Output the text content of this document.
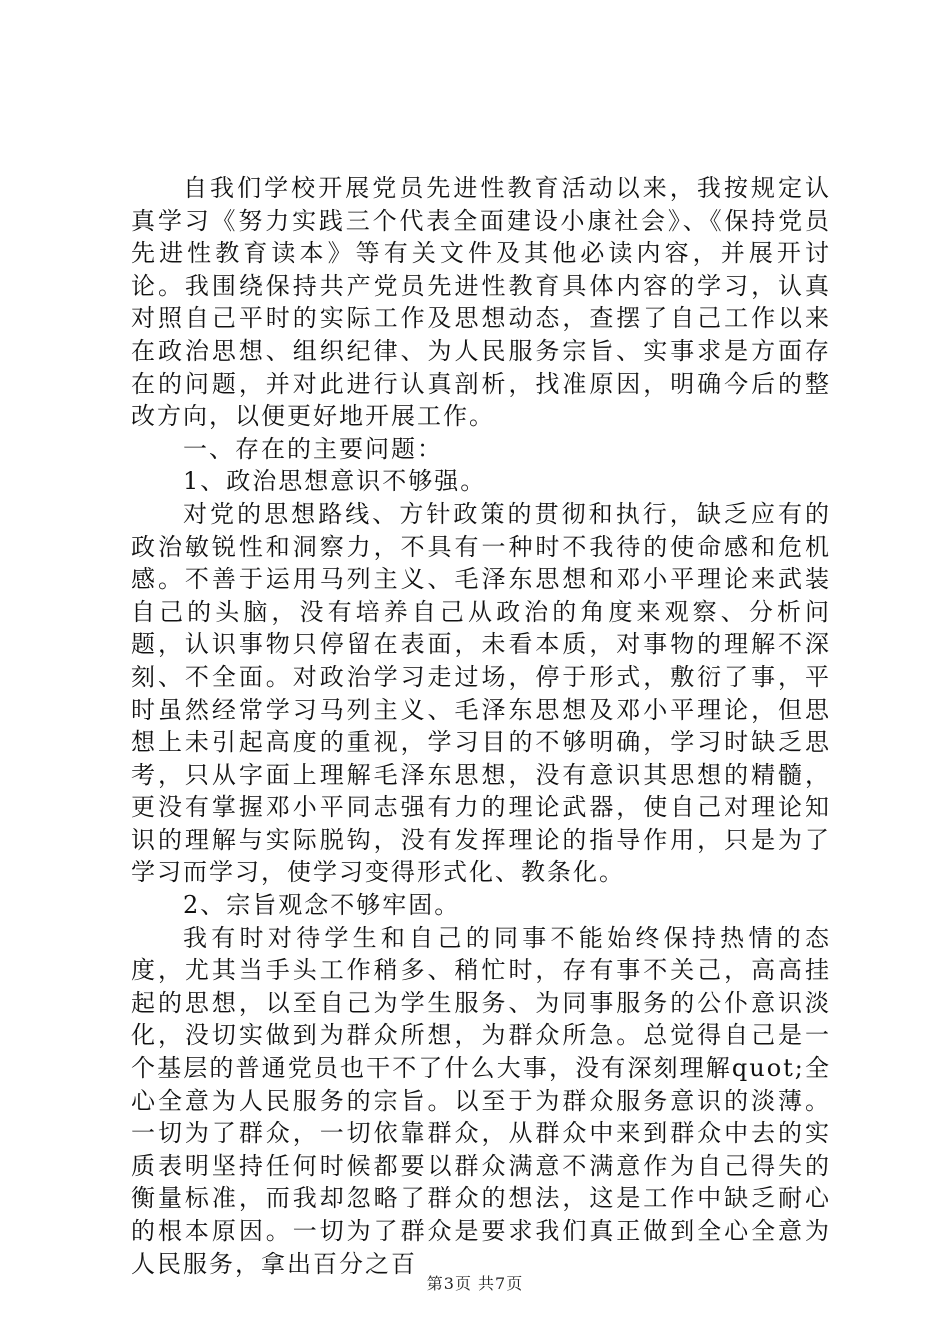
自我们学校开展党员先进性教育活动以来，我按规定认真学习《努力实践三个代表全面建设小康社会》、《保持党员先进性教育读本》等有关文件及其他必读内容，并展开讨论。我围绕保持共产党员先进性教育具体内容的学习，认真对照自己平时的实际工作及思想动态，查摆了自己工作以来在政治思想、组织纪律、为人民服务宗旨、实事求是方面存在的问题，并对此进行认真剖析，找准原因，明确今后的整改方向，以便更好地开展工作。

一、存在的主要问题：

1、政治思想意识不够强。

对党的思想路线、方针政策的贯彻和执行，缺乏应有的政治敏锐性和洞察力，不具有一种时不我待的使命感和危机感。不善于运用马列主义、毛泽东思想和邓小平理论来武装自己的头脑，没有培养自己从政治的角度来观察、分析问题，认识事物只停留在表面，未看本质，对事物的理解不深刻、不全面。对政治学习走过场，停于形式，敷衍了事，平时虽然经常学习马列主义、毛泽东思想及邓小平理论，但思想上未引起高度的重视，学习目的不够明确，学习时缺乏思考，只从字面上理解毛泽东思想，没有意识其思想的精髓，更没有掌握邓小平同志强有力的理论武器，使自己对理论知识的理解与实际脱钩，没有发挥理论的指导作用，只是为了学习而学习，使学习变得形式化、教条化。

2、宗旨观念不够牢固。

我有时对待学生和自己的同事不能始终保持热情的态度，尤其当手头工作稍多、稍忙时，存有事不关己，高高挂起的思想，以至自己为学生服务、为同事服务的公仆意识淡化，没切实做到为群众所想，为群众所急。总觉得自己是一个基层的普通党员也干不了什么大事，没有深刻理解quot;全心全意为人民服务的宗旨。以至于为群众服务意识的淡薄。一切为了群众，一切依靠群众，从群众中来到群众中去的实质表明坚持任何时候都要以群众满意不满意作为自己得失的衡量标准，而我却忽略了群众的想法，这是工作中缺乏耐心的根本原因。一切为了群众是要求我们真正做到全心全意为人民服务，拿出百分之百

第3页 共7页
